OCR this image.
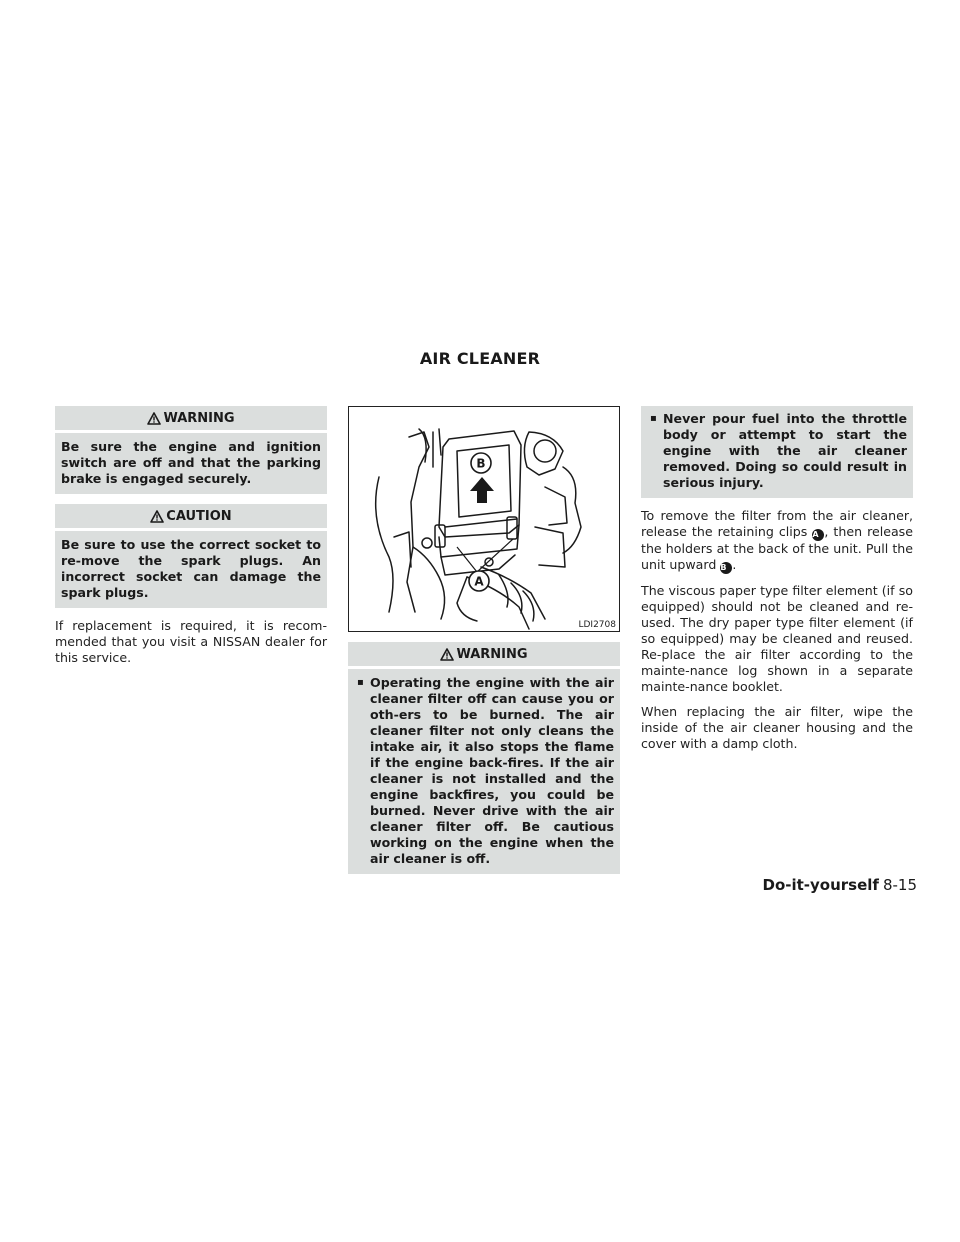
AIR CLEANER
WARNING
Be sure the engine and ignition switch are off and that the parking brake is engaged securely.
CAUTION
Be sure to use the correct socket to re-move the spark plugs. An incorrect socket can damage the spark plugs.

If replacement is required, it is recom-mended that you visit a NISSAN dealer for this service.

B
A
LDI2708
WARNING
▪ Operating the engine with the air cleaner filter off can cause you or oth-ers to be burned. The air cleaner filter not only cleans the intake air, it also stops the flame if the engine back-fires. If the air cleaner is not installed and the engine backfires, you could be burned. Never drive with the air cleaner filter off. Be cautious working on the engine when the air cleaner is off.
▪ Never pour fuel into the throttle body or attempt to start the engine with the air cleaner removed. Doing so could result in serious injury.

To remove the filter from the air cleaner, release the retaining clips A , then release the holders at the back of the unit. Pull the unit upward B .

The viscous paper type filter element (if so equipped) should not be cleaned and re-used. The dry paper type filter element (if so equipped) may be cleaned and reused. Re-place the air filter according to the mainte-nance log shown in a separate mainte-nance booklet.

When replacing the air filter, wipe the inside of the air cleaner housing and the cover with a damp cloth.

Do-it-yourself 8-15
